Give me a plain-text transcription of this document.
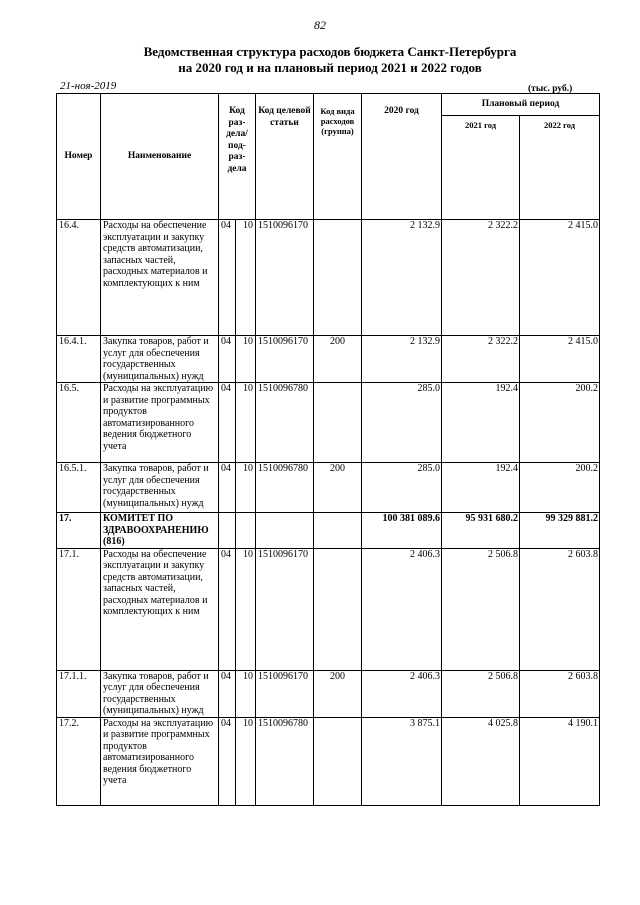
82
Ведомственная структура расходов бюджета Санкт-Петербурга
на 2020 год и на плановый период 2021 и 2022 годов
21-ноя-2019	(тыс. руб.)
Номер	Наименование	Код раз- дела/ под- раз- дела		Код целевой статьи	Код вида расходов (группа)	2020 год	Плановый период	
							2021 год	2022 год
16.4.	Расходы на обеспечение эксплуатации и закупку средств автоматизации, запасных частей, расходных материалов и комплектующих к ним	04	10	1510096170		2 132.9	2 322.2	2 415.0
16.4.1.	Закупка товаров, работ и услуг для обеспечения государственных (муниципальных) нужд	04	10	1510096170	200	2 132.9	2 322.2	2 415.0
16.5.	Расходы на эксплуатацию и развитие программных продуктов автоматизированного ведения бюджетного учета	04	10	1510096780		285.0	192.4	200.2
16.5.1.	Закупка товаров, работ и услуг для обеспечения государственных (муниципальных) нужд	04	10	1510096780	200	285.0	192.4	200.2
17.	КОМИТЕТ ПО ЗДРАВООХРАНЕНИЮ (816)					100 381 089.6	95 931 680.2	99 329 881.2
17.1.	Расходы на обеспечение эксплуатации и закупку средств автоматизации, запасных частей, расходных материалов и комплектующих к ним	04	10	1510096170		2 406.3	2 506.8	2 603.8
17.1.1.	Закупка товаров, работ и услуг для обеспечения государственных (муниципальных) нужд	04	10	1510096170	200	2 406.3	2 506.8	2 603.8
17.2.	Расходы на эксплуатацию и развитие программных продуктов автоматизированного ведения бюджетного учета	04	10	1510096780		3 875.1	4 025.8	4 190.1
